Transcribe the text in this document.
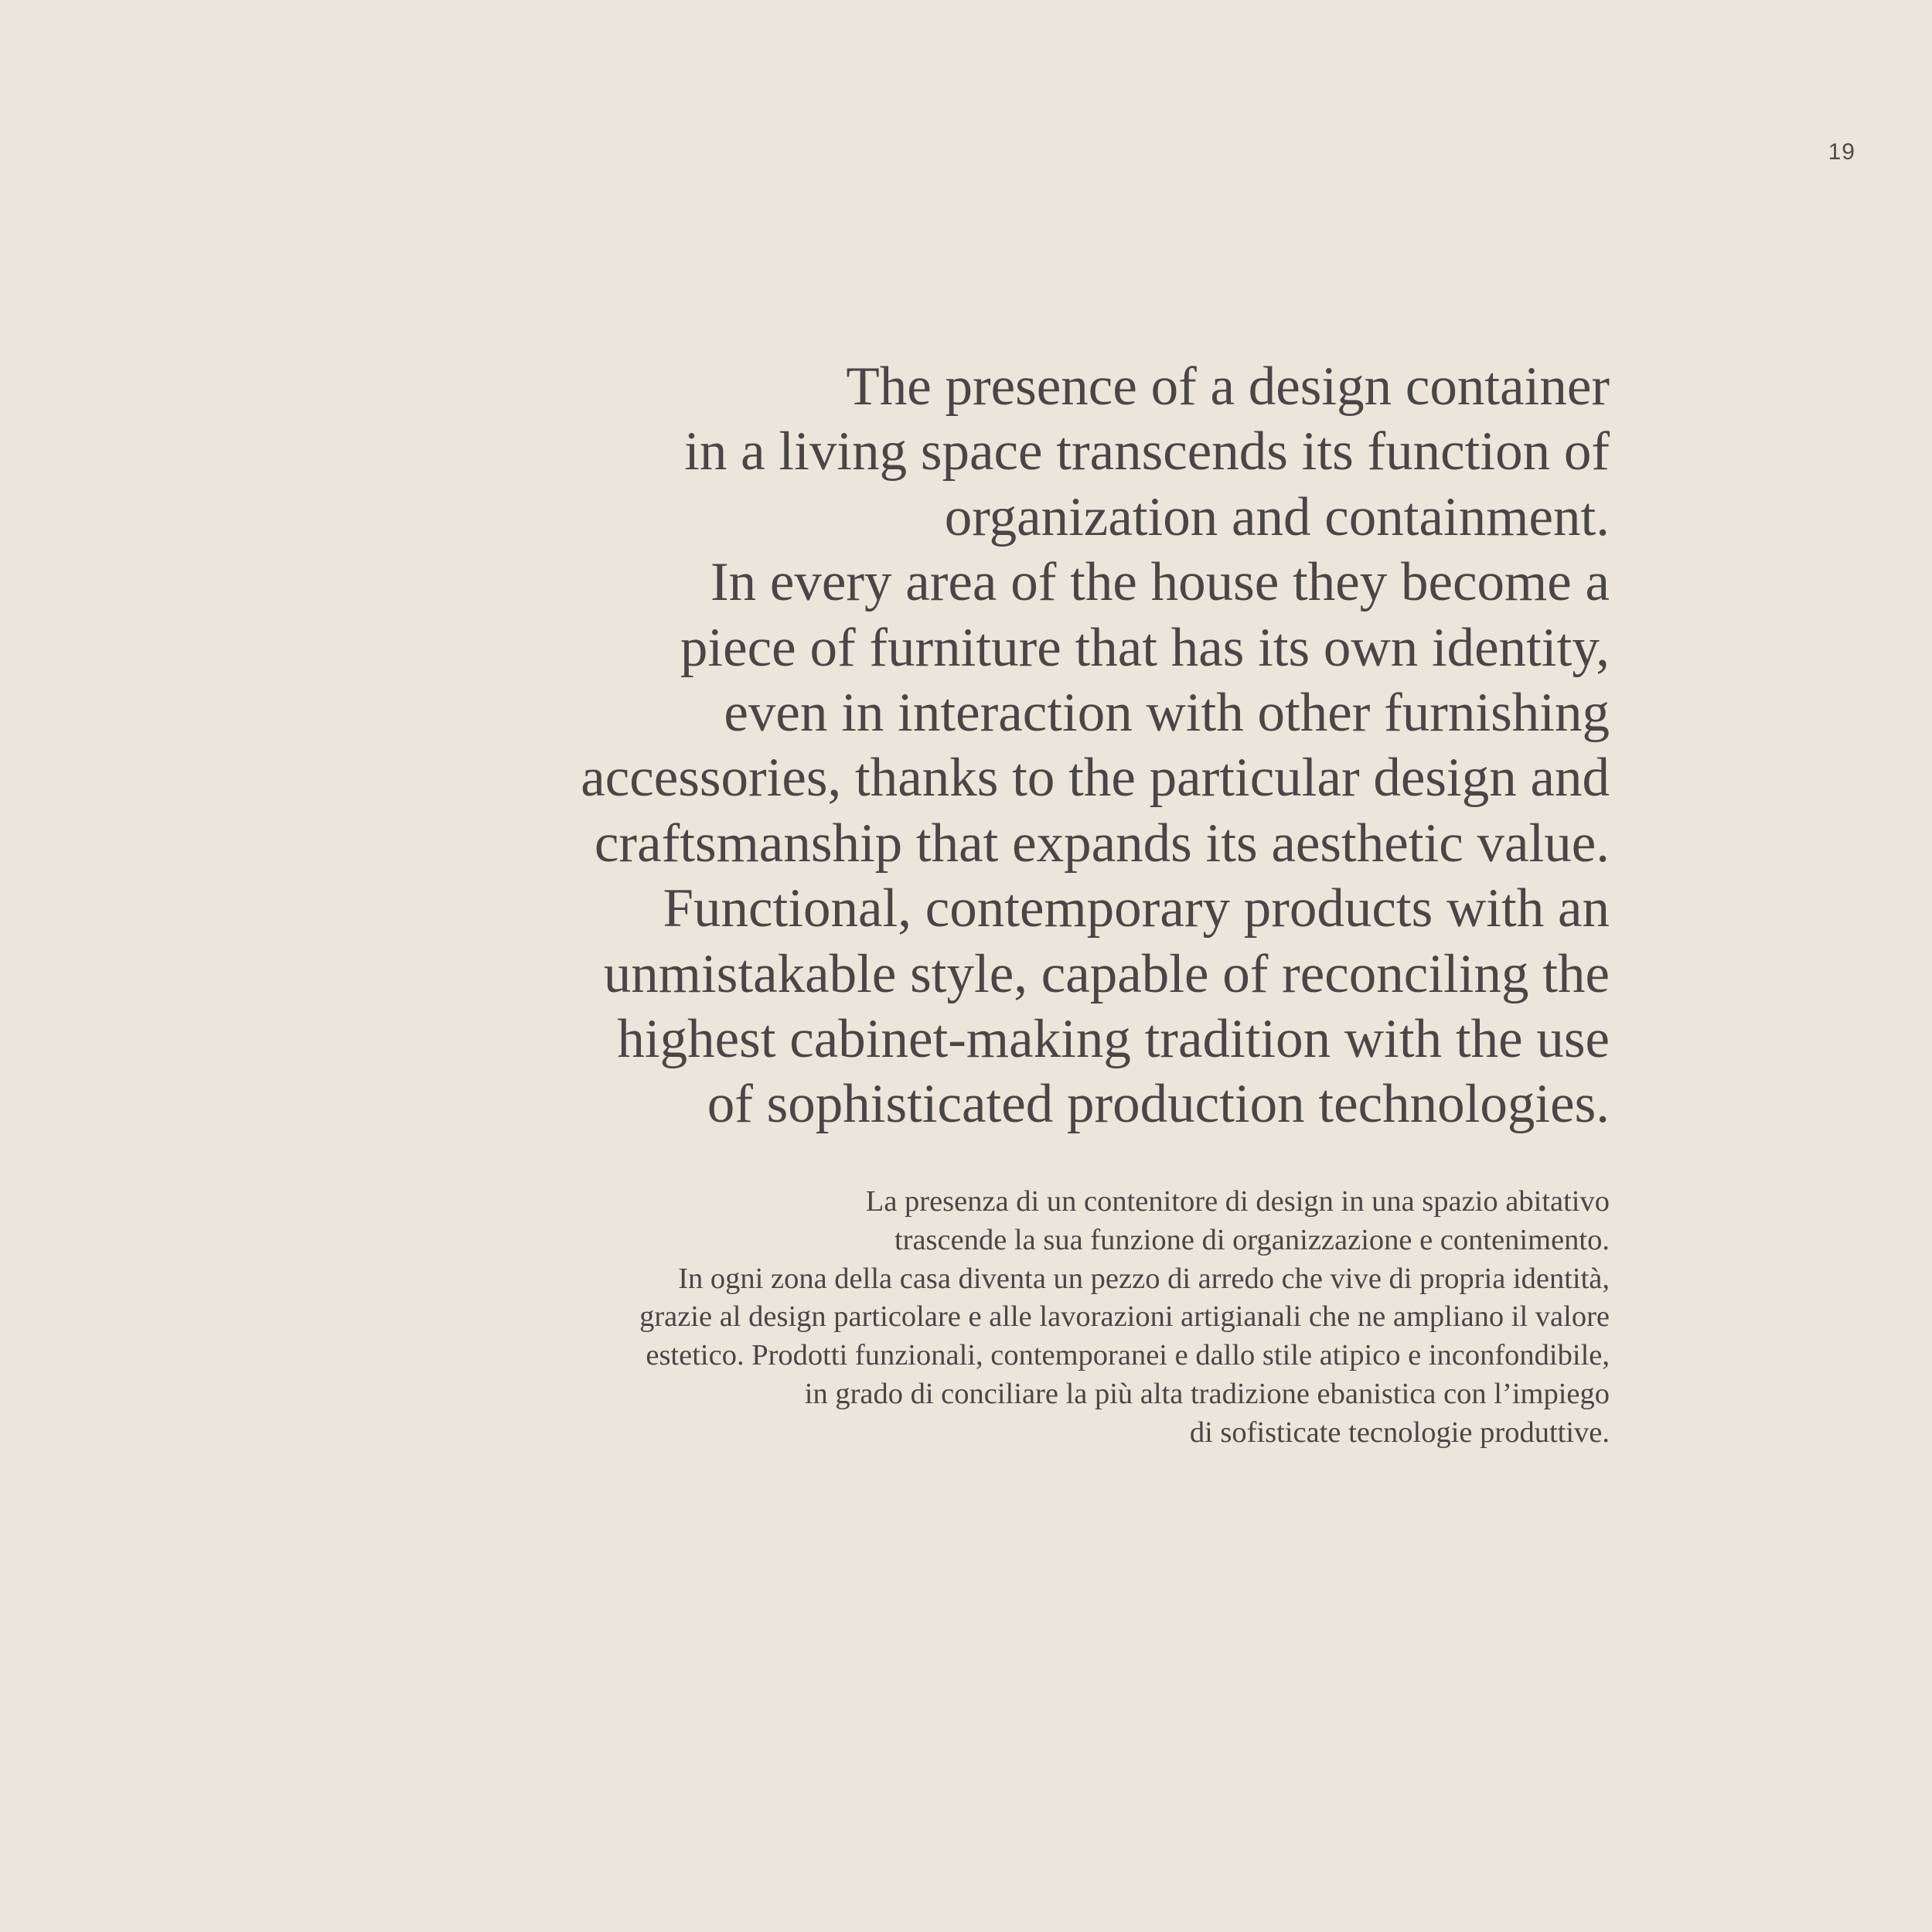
19
The presence of a design container
in a living space transcends its function of
organization and containment.
In every area of the house they become a
piece of furniture that has its own identity,
even in interaction with other furnishing
accessories, thanks to the particular design and
craftsmanship that expands its aesthetic value.
Functional, contemporary products with an
unmistakable style, capable of reconciling the
highest cabinet-making tradition with the use
of sophisticated production technologies.
La presenza di un contenitore di design in una spazio abitativo
trascende la sua funzione di organizzazione e contenimento.
In ogni zona della casa diventa un pezzo di arredo che vive di propria identità,
grazie al design particolare e alle lavorazioni artigianali che ne ampliano il valore
estetico. Prodotti funzionali, contemporanei e dallo stile atipico e inconfondibile,
in grado di conciliare la più alta tradizione ebanistica con l’impiego
di sofisticate tecnologie produttive.
